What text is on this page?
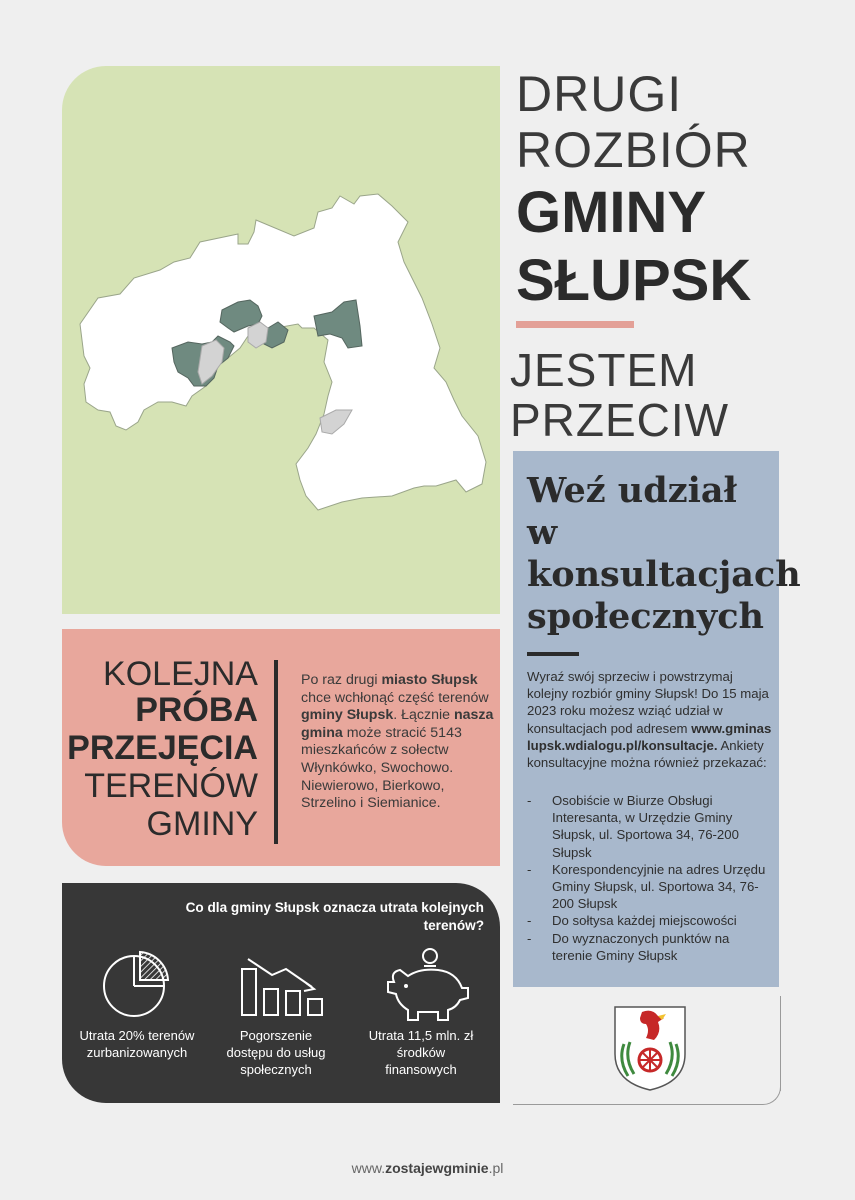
DRUGI
ROZBIÓR
GMINY
SŁUPSK
JESTEM
PRZECIW
Weź udział w konsultacjach społecznych
Wyraź swój sprzeciw i powstrzymaj kolejny rozbiór gminy Słupsk! Do 15 maja 2023 roku możesz wziąć udział w konsultacjach pod adresem www.gminaslupsk.wdialogu.pl/konsultacje. Ankiety konsultacyjne można również przekazać:
- Osobiście w Biurze Obsługi Interesanta, w Urzędzie Gminy Słupsk, ul. Sportowa 34, 76-200 Słupsk
- Korespondencyjnie na adres Urzędu Gminy Słupsk, ul. Sportowa 34, 76-200 Słupsk
- Do sołtysa każdej miejscowości
- Do wyznaczonych punktów na terenie Gminy Słupsk
KOLEJNA
PRÓBA
PRZEJĘCIA
TERENÓW
GMINY
Po raz drugi miasto Słupsk chce wchłonąć część terenów gminy Słupsk. Łącznie nasza gmina może stracić 5143 mieszkańców z sołectw Włynkówko, Swochowo. Niewierowo, Bierkowo, Strzelino i Siemianice.
Co dla gminy Słupsk oznacza utrata kolejnych terenów?
Utrata 20% terenów zurbanizowanych
Pogorszenie dostępu do usług społecznych
Utrata 11,5 mln. zł środków finansowych
www.zostajewgminie.pl
